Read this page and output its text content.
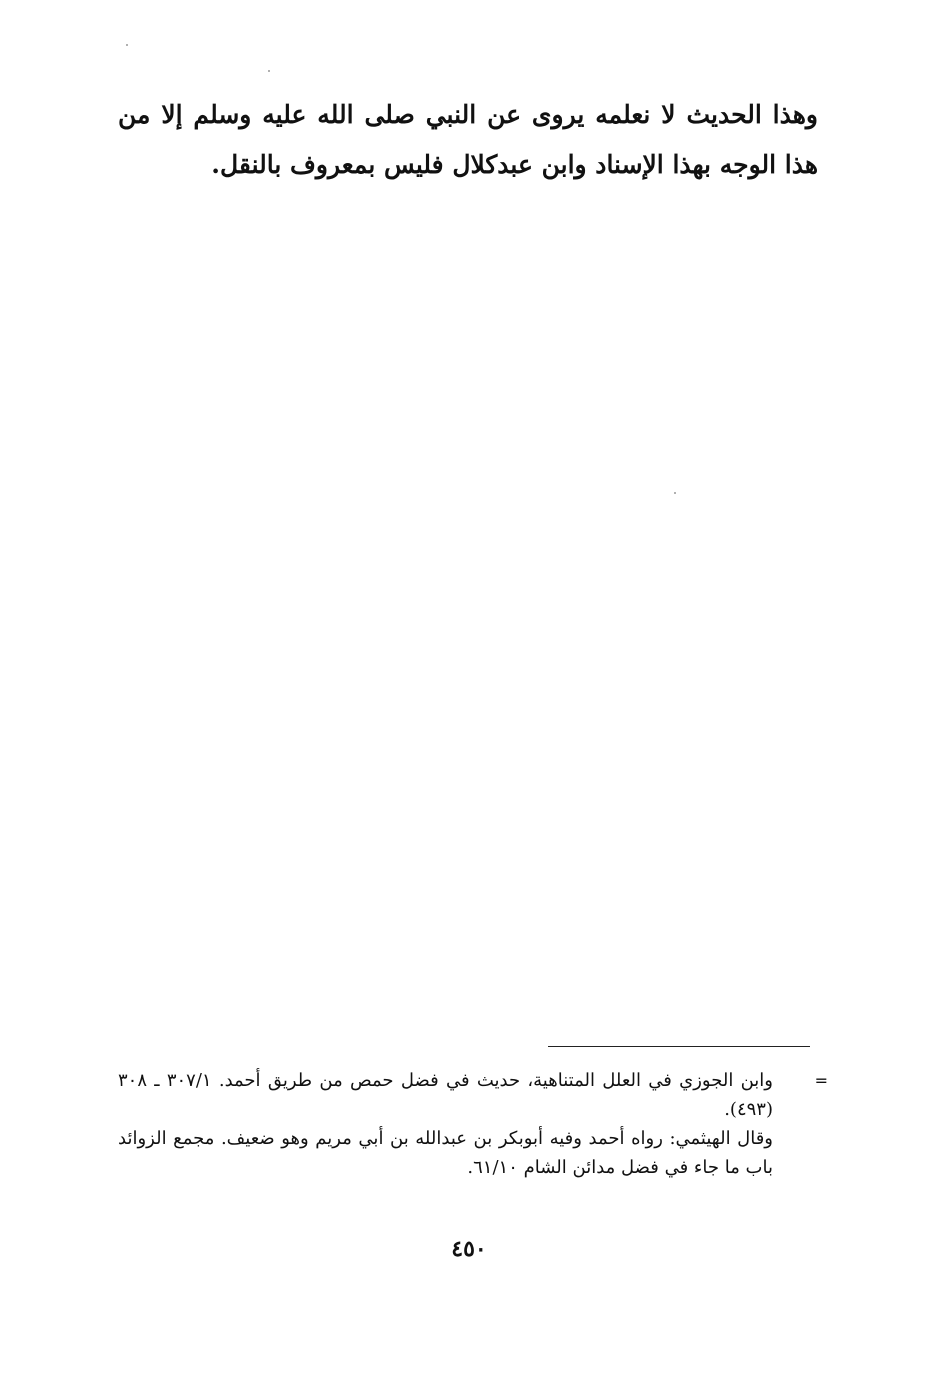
وهذا الحديث لا نعلمه يروى عن النبي صلى الله عليه وسلم إلا من هذا الوجه بهذا الإسناد وابن عبدكلال فليس بمعروف بالنقل.

=
وابن الجوزي في العلل المتناهية، حديث في فضل حمص من طريق أحمد. ٣٠٧/١ ـ ٣٠٨ (٤٩٣).
وقال الهيثمي: رواه أحمد وفيه أبوبكر بن عبدالله بن أبي مريم وهو ضعيف. مجمع الزوائد باب ما جاء في فضل مدائن الشام ٦١/١٠.
٤٥٠
